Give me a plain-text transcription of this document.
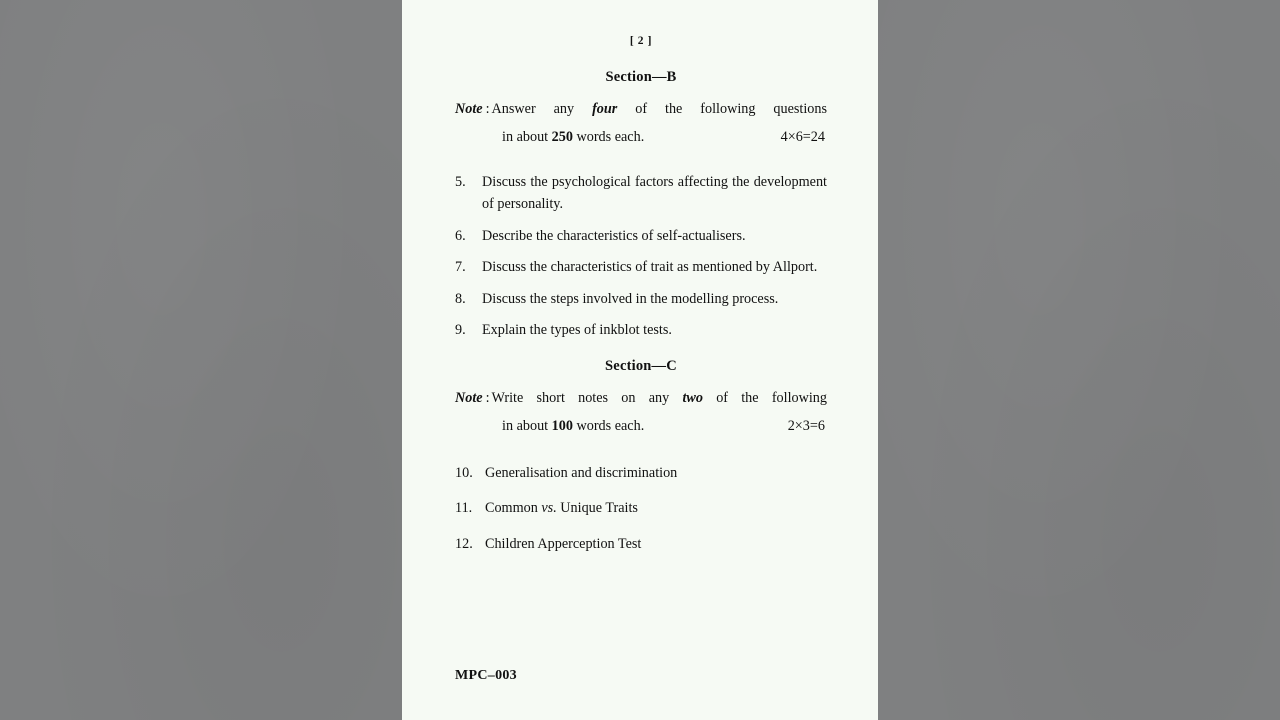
[ 2 ]
Section—B
Note : Answer any four of the following questions
in about 250 words each.	4×6=24
5.	Discuss the psychological factors affecting the development of personality.
6.	Describe the characteristics of self-actualisers.
7.	Discuss the characteristics of trait as mentioned by Allport.
8.	Discuss the steps involved in the modelling process.
9.	Explain the types of inkblot tests.
Section—C
Note : Write short notes on any two of the following
in about 100 words each.	2×3=6
10. Generalisation and discrimination
11. Common vs. Unique Traits
12. Children Apperception Test
MPC–003
